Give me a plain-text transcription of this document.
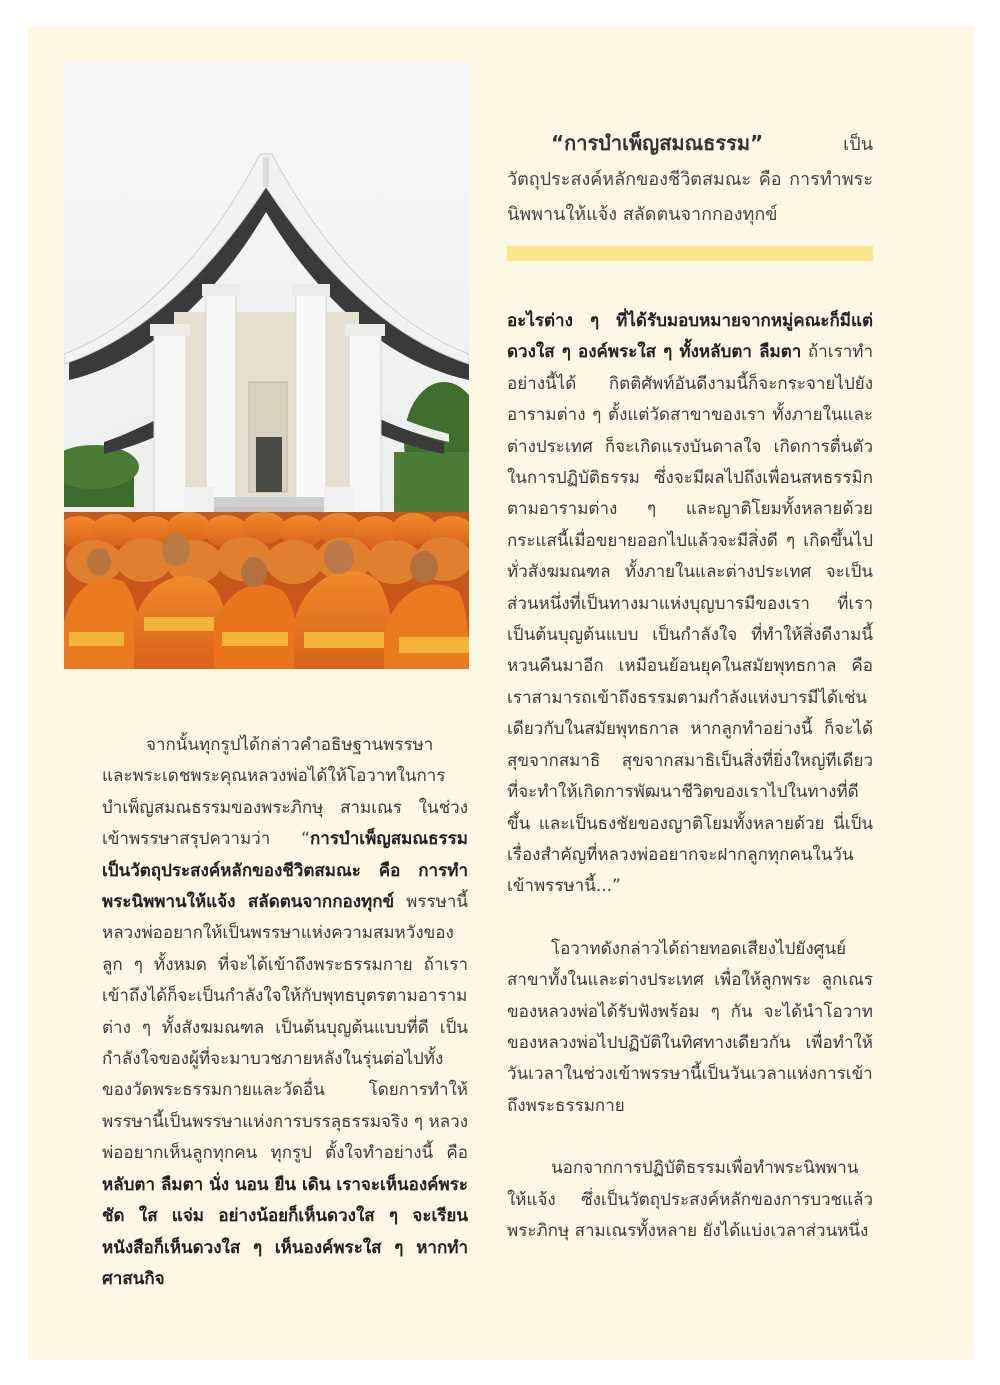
“การบำเพ็ญสมณธรรม” เป็นวัตถุประสงค์หลักของชีวิตสมณะ คือ การทำพระนิพพานให้แจ้ง สลัดตนจากกองทุกข์

จากนั้นทุกรูปได้กล่าวคำอธิษฐานพรรษา และพระเดชพระคุณหลวงพ่อได้ให้โอวาทในการบำเพ็ญสมณธรรมของพระภิกษุ สามเณร ในช่วงเข้าพรรษาสรุปความว่า “การบำเพ็ญสมณธรรมเป็นวัตถุประสงค์หลักของชีวิตสมณะ คือ การทำพระนิพพานให้แจ้ง สลัดตนจากกองทุกข์ พรรษานี้หลวงพ่ออยากให้เป็นพรรษาแห่งความสมหวังของลูก ๆ ทั้งหมด ที่จะได้เข้าถึงพระธรรมกาย ถ้าเราเข้าถึงได้ก็จะเป็นกำลังใจให้กับพุทธบุตรตามอารามต่าง ๆ ทั้งสังฆมณฑล เป็นต้นบุญต้นแบบที่ดี เป็นกำลังใจของผู้ที่จะมาบวชภายหลังในรุ่นต่อไปทั้งของวัดพระธรรมกายและวัดอื่น โดยการทำให้พรรษานี้เป็นพรรษาแห่งการบรรลุธรรมจริง ๆ หลวงพ่ออยากเห็นลูกทุกคน ทุกรูป ตั้งใจทำอย่างนี้ คือ หลับตา ลืมตา นั่ง นอน ยืน เดิน เราจะเห็นองค์พระชัด ใส แจ่ม อย่างน้อยก็เห็นดวงใส ๆ จะเรียนหนังสือก็เห็นดวงใส ๆ เห็นองค์พระใส ๆ หากทำศาสนกิจ

อะไรต่าง ๆ ที่ได้รับมอบหมายจากหมู่คณะก็มีแต่ดวงใส ๆ องค์พระใส ๆ ทั้งหลับตา ลืมตา ถ้าเราทำอย่างนี้ได้ กิตติศัพท์อันดีงามนี้ก็จะกระจายไปยังอารามต่าง ๆ ตั้งแต่วัดสาขาของเรา ทั้งภายในและต่างประเทศ ก็จะเกิดแรงบันดาลใจ เกิดการตื่นตัวในการปฏิบัติธรรม ซึ่งจะมีผลไปถึงเพื่อนสหธรรมิกตามอารามต่าง ๆ และญาติโยมทั้งหลายด้วย กระแสนี้เมื่อขยายออกไปแล้วจะมีสิ่งดี ๆ เกิดขึ้นไปทั่วสังฆมณฑล ทั้งภายในและต่างประเทศ จะเป็นส่วนหนึ่งที่เป็นทางมาแห่งบุญบารมีของเรา ที่เราเป็นต้นบุญต้นแบบ เป็นกำลังใจ ที่ทำให้สิ่งดีงามนี้หวนคืนมาอีก เหมือนย้อนยุคในสมัยพุทธกาล คือ เราสามารถเข้าถึงธรรมตามกำลังแห่งบารมีได้เช่นเดียวกับในสมัยพุทธกาล หากลูกทำอย่างนี้ ก็จะได้สุขจากสมาธิ สุขจากสมาธิเป็นสิ่งที่ยิ่งใหญ่ทีเดียว ที่จะทำให้เกิดการพัฒนาชีวิตของเราไปในทางที่ดีขึ้น และเป็นธงชัยของญาติโยมทั้งหลายด้วย นี่เป็นเรื่องสำคัญที่หลวงพ่ออยากจะฝากลูกทุกคนในวันเข้าพรรษานี้...”

โอวาทดังกล่าวได้ถ่ายทอดเสียงไปยังศูนย์สาขาทั้งในและต่างประเทศ เพื่อให้ลูกพระ ลูกเณร ของหลวงพ่อได้รับฟังพร้อม ๆ กัน จะได้นำโอวาทของหลวงพ่อไปปฏิบัติในทิศทางเดียวกัน เพื่อทำให้วันเวลาในช่วงเข้าพรรษานี้เป็นวันเวลาแห่งการเข้าถึงพระธรรมกาย

นอกจากการปฏิบัติธรรมเพื่อทำพระนิพพานให้แจ้ง ซึ่งเป็นวัตถุประสงค์หลักของการบวชแล้ว พระภิกษุ สามเณรทั้งหลาย ยังได้แบ่งเวลาส่วนหนึ่ง
